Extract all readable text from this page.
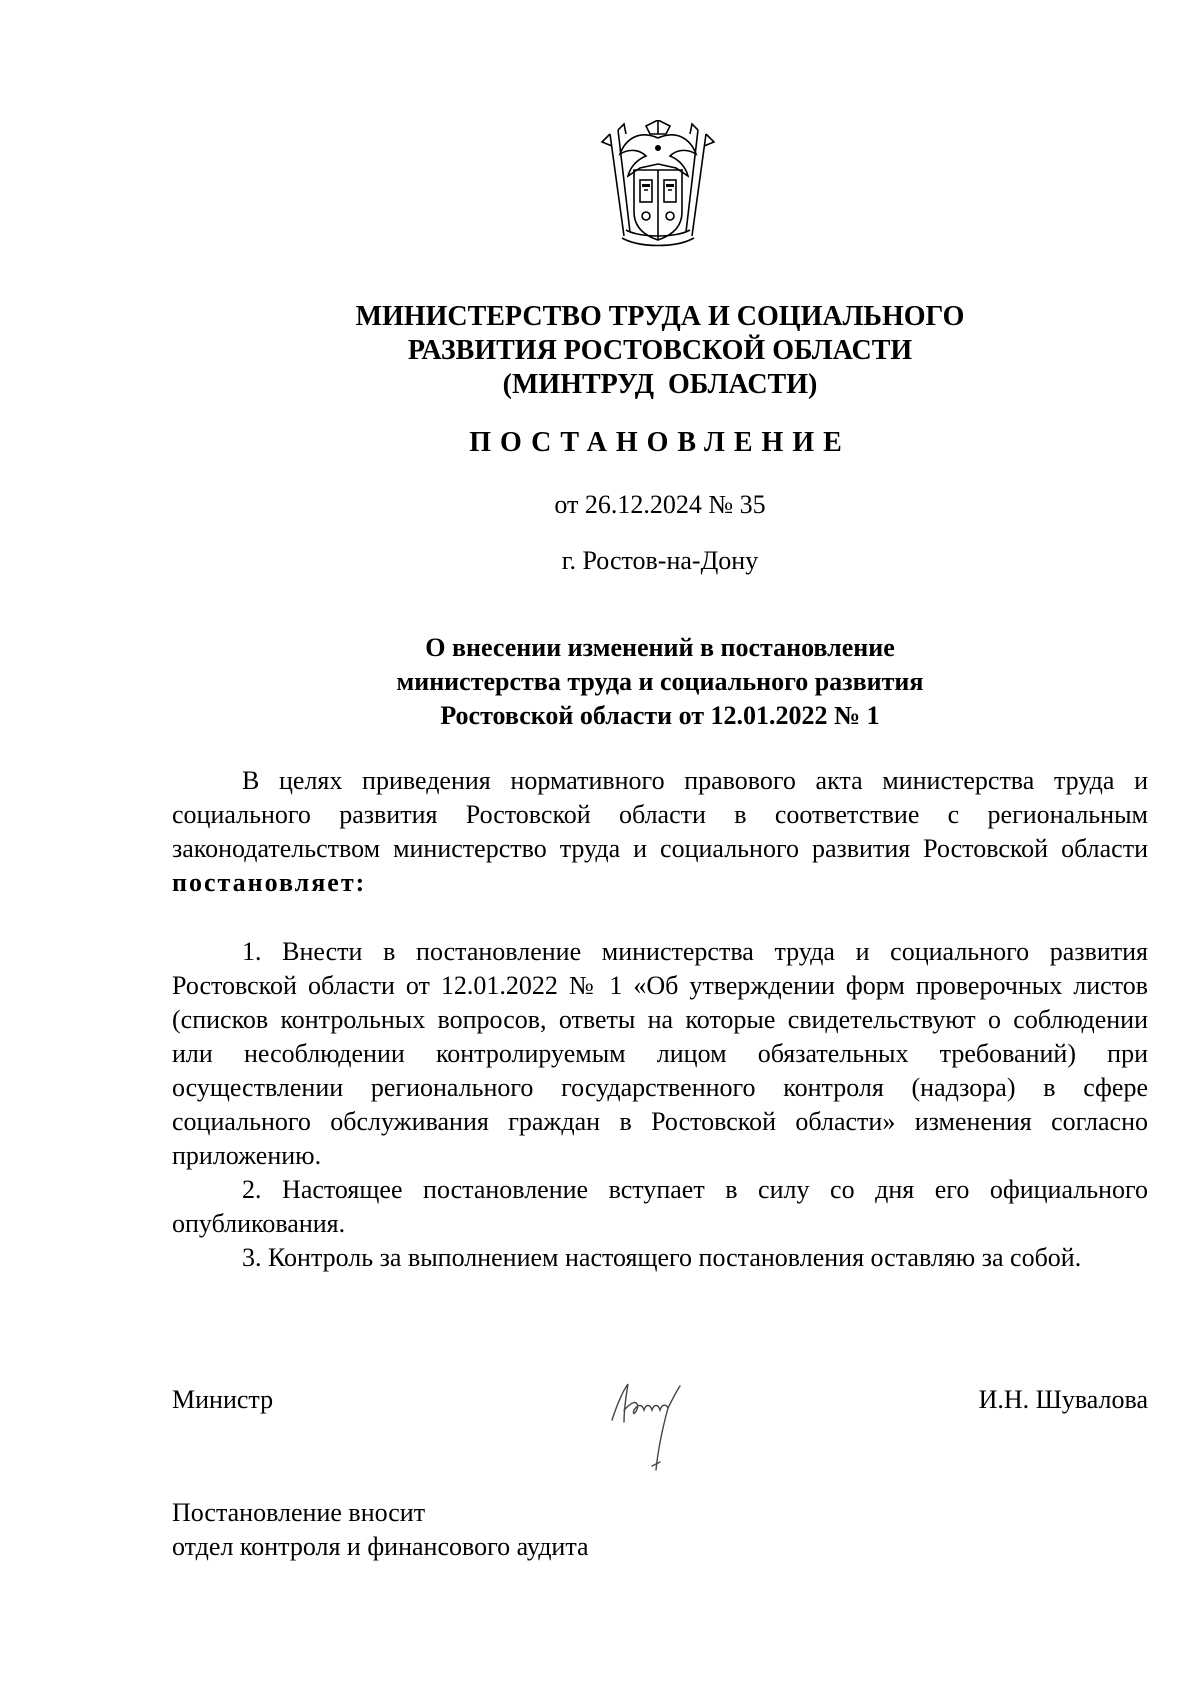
МИНИСТЕРСТВО ТРУДА И СОЦИАЛЬНОГО
РАЗВИТИЯ РОСТОВСКОЙ ОБЛАСТИ
(МИНТРУД  ОБЛАСТИ)
ПОСТАНОВЛЕНИЕ
от 26.12.2024 № 35
г. Ростов-на-Дону
О внесении изменений в постановление
министерства труда и социального развития
Ростовской области от 12.01.2022 № 1

В целях приведения нормативного правового акта министерства труда и социального развития Ростовской области в соответствие с региональным законодательством министерство труда и социального развития Ростовской области постановляет:

1. Внести в постановление министерства труда и социального развития Ростовской области от 12.01.2022 № 1 «Об утверждении форм проверочных листов (списков контрольных вопросов, ответы на которые свидетельствуют о соблюдении или несоблюдении контролируемым лицом обязательных требований) при осуществлении регионального государственного контроля (надзора) в сфере социального обслуживания граждан в Ростовской области» изменения согласно приложению.

2. Настоящее постановление вступает в силу со дня его официального опубликования.

3. Контроль за выполнением настоящего постановления оставляю за собой.

Министр	И.Н. Шувалова
Постановление вносит
отдел контроля и финансового аудита
